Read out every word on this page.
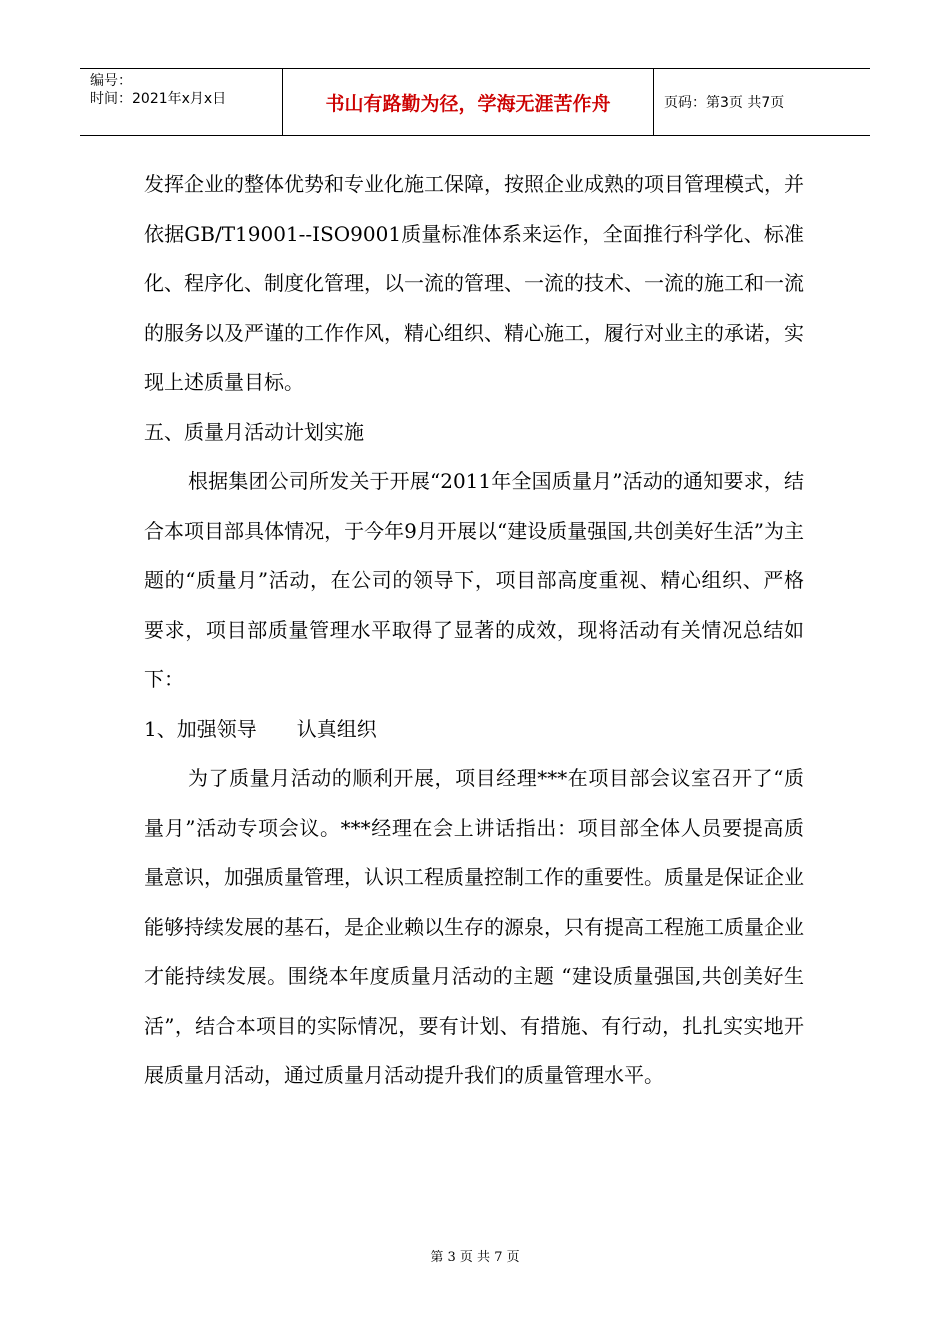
编号：
时间：2021年x月x日	书山有路勤为径，学海无涯苦作舟	页码：第3页 共7页

发挥企业的整体优势和专业化施工保障，按照企业成熟的项目管理模式，并依据GB/T19001--ISO9001质量标准体系来运作，全面推行科学化、标准化、程序化、制度化管理，以一流的管理、一流的技术、一流的施工和一流的服务以及严谨的工作作风，精心组织、精心施工，履行对业主的承诺，实现上述质量目标。

五、质量月活动计划实施

根据集团公司所发关于开展“2011年全国质量月”活动的通知要求，结合本项目部具体情况，于今年9月开展以“建设质量强国,共创美好生活”为主题的“质量月”活动，在公司的领导下，项目部高度重视、精心组织、严格要求，项目部质量管理水平取得了显著的成效，现将活动有关情况总结如下：

1、加强领导　　认真组织

为了质量月活动的顺利开展，项目经理***在项目部会议室召开了“质量月”活动专项会议。***经理在会上讲话指出：项目部全体人员要提高质量意识，加强质量管理，认识工程质量控制工作的重要性。质量是保证企业能够持续发展的基石，是企业赖以生存的源泉，只有提高工程施工质量企业才能持续发展。围绕本年度质量月活动的主题 “建设质量强国,共创美好生活”，结合本项目的实际情况，要有计划、有措施、有行动，扎扎实实地开展质量月活动，通过质量月活动提升我们的质量管理水平。

第 3 页 共 7 页
